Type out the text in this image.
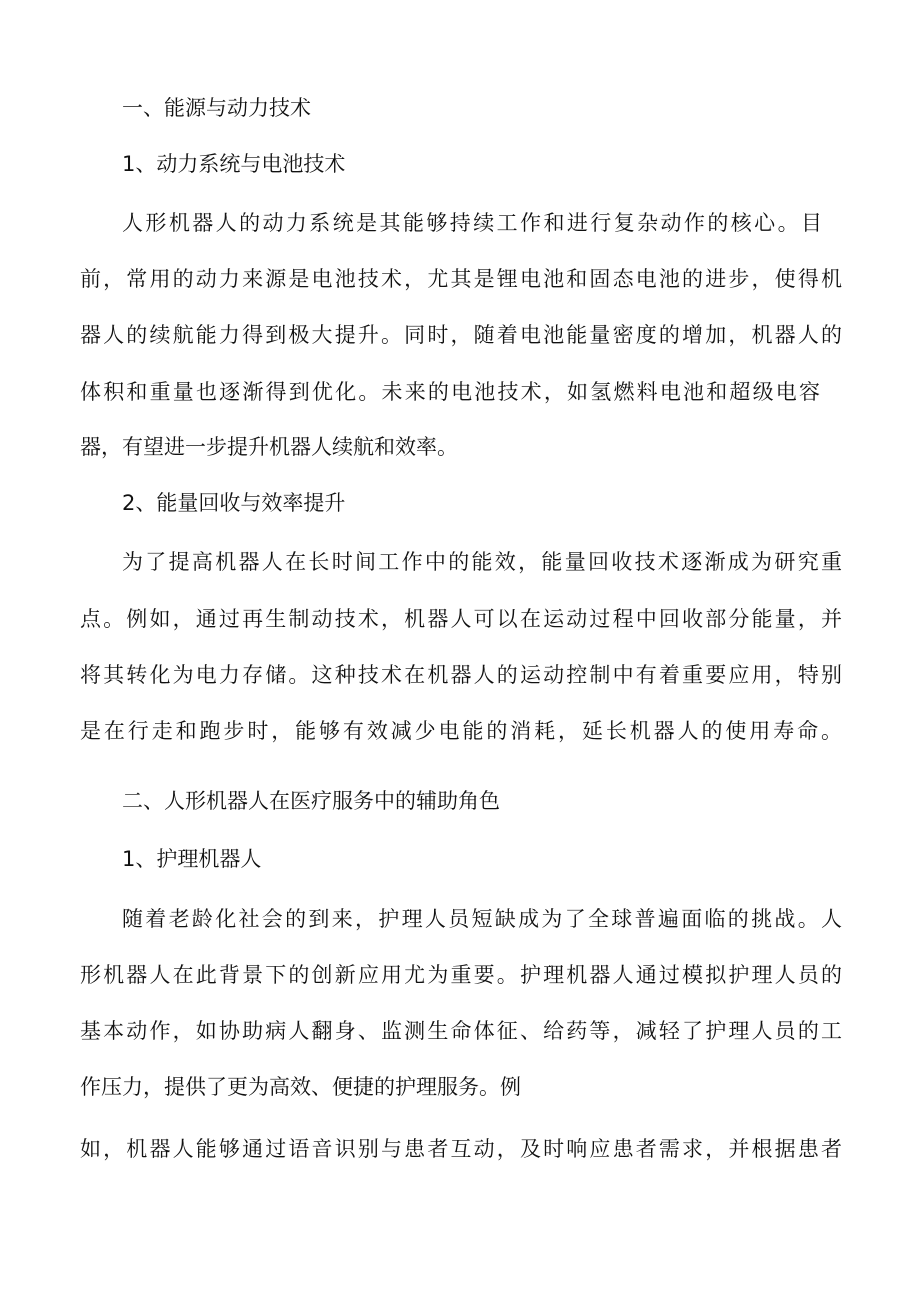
一、能源与动力技术
1、动力系统与电池技术
人形机器人的动力系统是其能够持续工作和进行复杂动作的核心。目
前，常用的动力来源是电池技术，尤其是锂电池和固态电池的进步，使得机
器人的续航能力得到极大提升。同时，随着电池能量密度的增加，机器人的
体积和重量也逐渐得到优化。未来的电池技术，如氢燃料电池和超级电容
器，有望进一步提升机器人续航和效率。
2、能量回收与效率提升
为了提高机器人在长时间工作中的能效，能量回收技术逐渐成为研究重
点。例如，通过再生制动技术，机器人可以在运动过程中回收部分能量，并
将其转化为电力存储。这种技术在机器人的运动控制中有着重要应用，特别
是在行走和跑步时，能够有效减少电能的消耗，延长机器人的使用寿命。
二、人形机器人在医疗服务中的辅助角色
1、护理机器人
随着老龄化社会的到来，护理人员短缺成为了全球普遍面临的挑战。人
形机器人在此背景下的创新应用尤为重要。护理机器人通过模拟护理人员的
基本动作，如协助病人翻身、监测生命体征、给药等，减轻了护理人员的工
作压力，提供了更为高效、便捷的护理服务。例
如，机器人能够通过语音识别与患者互动，及时响应患者需求，并根据患者
